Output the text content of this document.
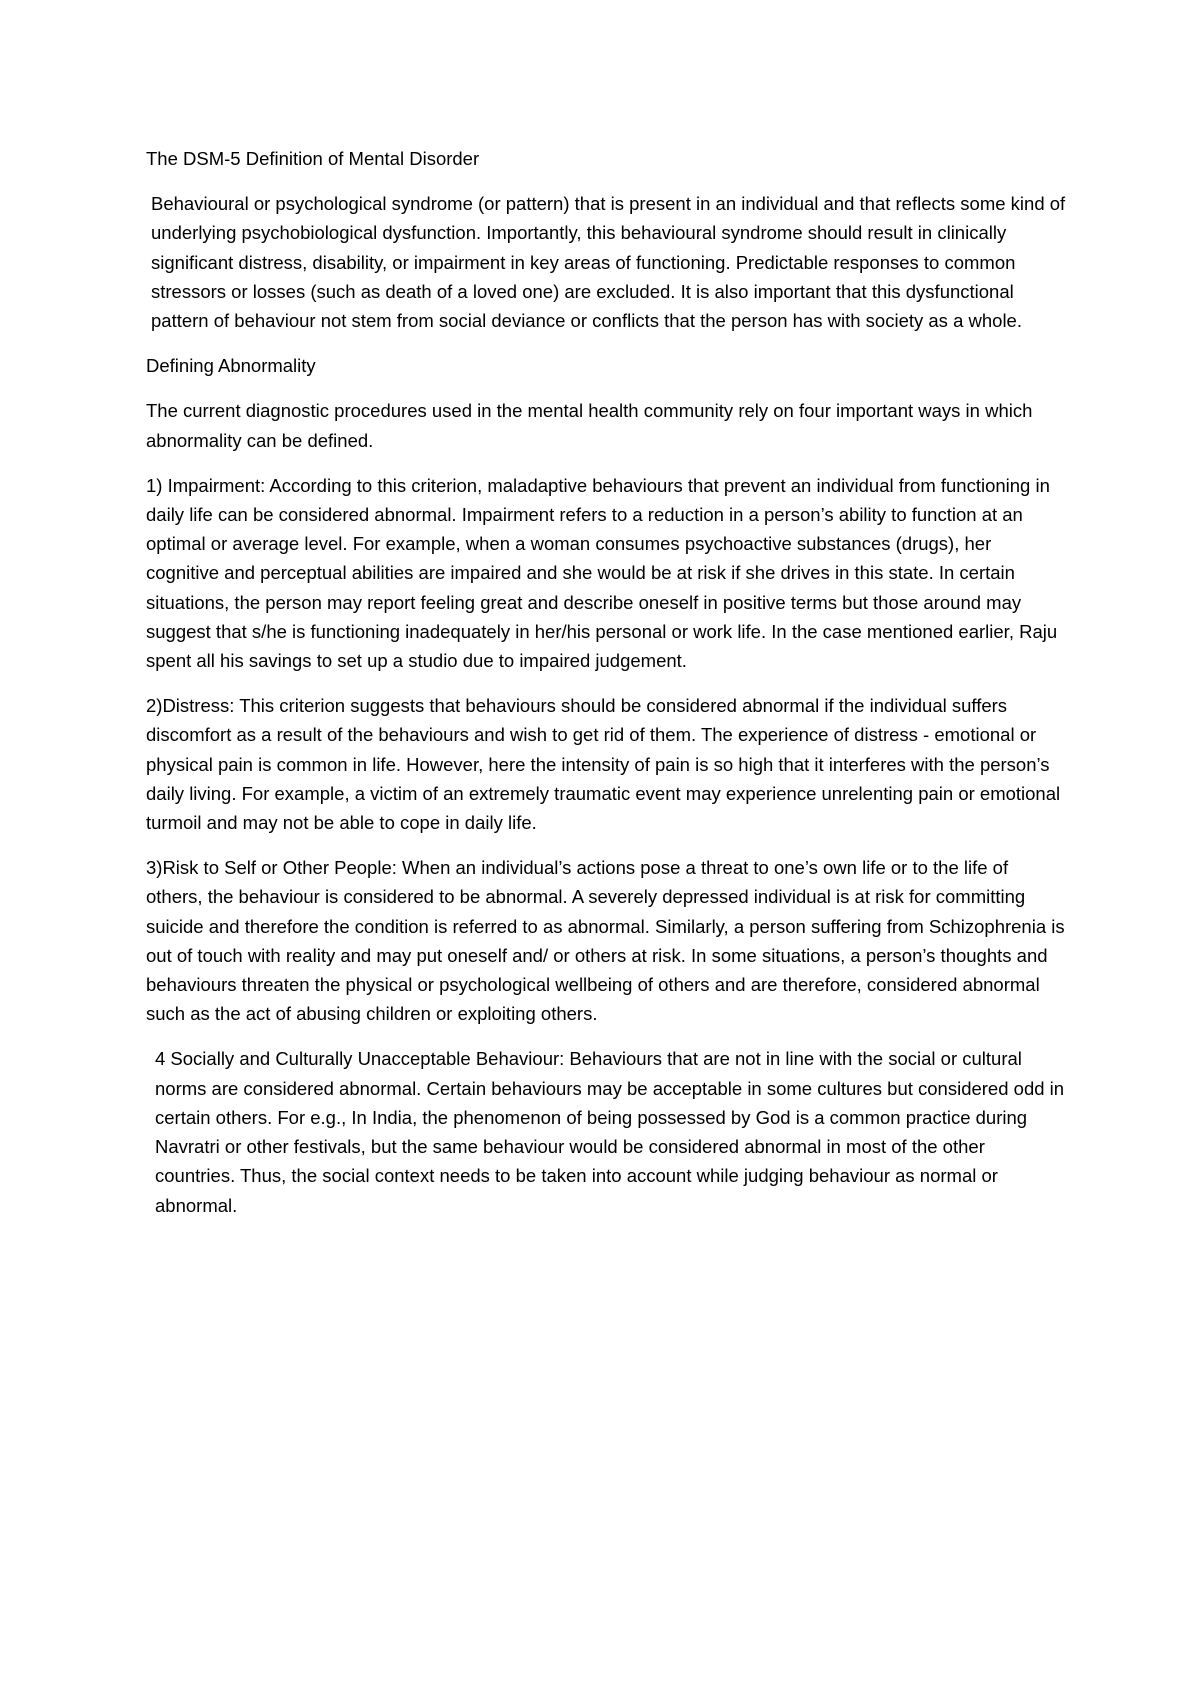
The DSM-5 Definition of Mental Disorder

Behavioural or psychological syndrome (or pattern) that is present in an individual and that reflects some kind of underlying psychobiological dysfunction. Importantly, this behavioural syndrome should result in clinically significant distress, disability, or impairment in key areas of functioning. Predictable responses to common stressors or losses (such as death of a loved one) are excluded. It is also important that this dysfunctional pattern of behaviour not stem from social deviance or conflicts that the person has with society as a whole.

Defining Abnormality

The current diagnostic procedures used in the mental health community rely on four important ways in which abnormality can be defined.

1) Impairment: According to this criterion, maladaptive behaviours that prevent an individual from functioning in daily life can be considered abnormal. Impairment refers to a reduction in a person’s ability to function at an optimal or average level. For example, when a woman consumes psychoactive substances (drugs), her cognitive and perceptual abilities are impaired and she would be at risk if she drives in this state. In certain situations, the person may report feeling great and describe oneself in positive terms but those around may suggest that s/he is functioning inadequately in her/his personal or work life. In the case mentioned earlier, Raju spent all his savings to set up a studio due to impaired judgement.

2)Distress: This criterion suggests that behaviours should be considered abnormal if the individual suffers discomfort as a result of the behaviours and wish to get rid of them. The experience of distress - emotional or physical pain is common in life. However, here the intensity of pain is so high that it interferes with the person’s daily living. For example, a victim of an extremely traumatic event may experience unrelenting pain or emotional turmoil and may not be able to cope in daily life.

3)Risk to Self or Other People: When an individual’s actions pose a threat to one’s own life or to the life of others, the behaviour is considered to be abnormal. A severely depressed individual is at risk for committing suicide and therefore the condition is referred to as abnormal. Similarly, a person suffering from Schizophrenia is out of touch with reality and may put oneself and/ or others at risk. In some situations, a person’s thoughts and behaviours threaten the physical or psychological wellbeing of others and are therefore, considered abnormal such as the act of abusing children or exploiting others.

4 Socially and Culturally Unacceptable Behaviour: Behaviours that are not in line with the social or cultural norms are considered abnormal. Certain behaviours may be acceptable in some cultures but considered odd in certain others. For e.g., In India, the phenomenon of being possessed by God is a common practice during Navratri or other festivals, but the same behaviour would be considered abnormal in most of the other countries. Thus, the social context needs to be taken into account while judging behaviour as normal or abnormal.
